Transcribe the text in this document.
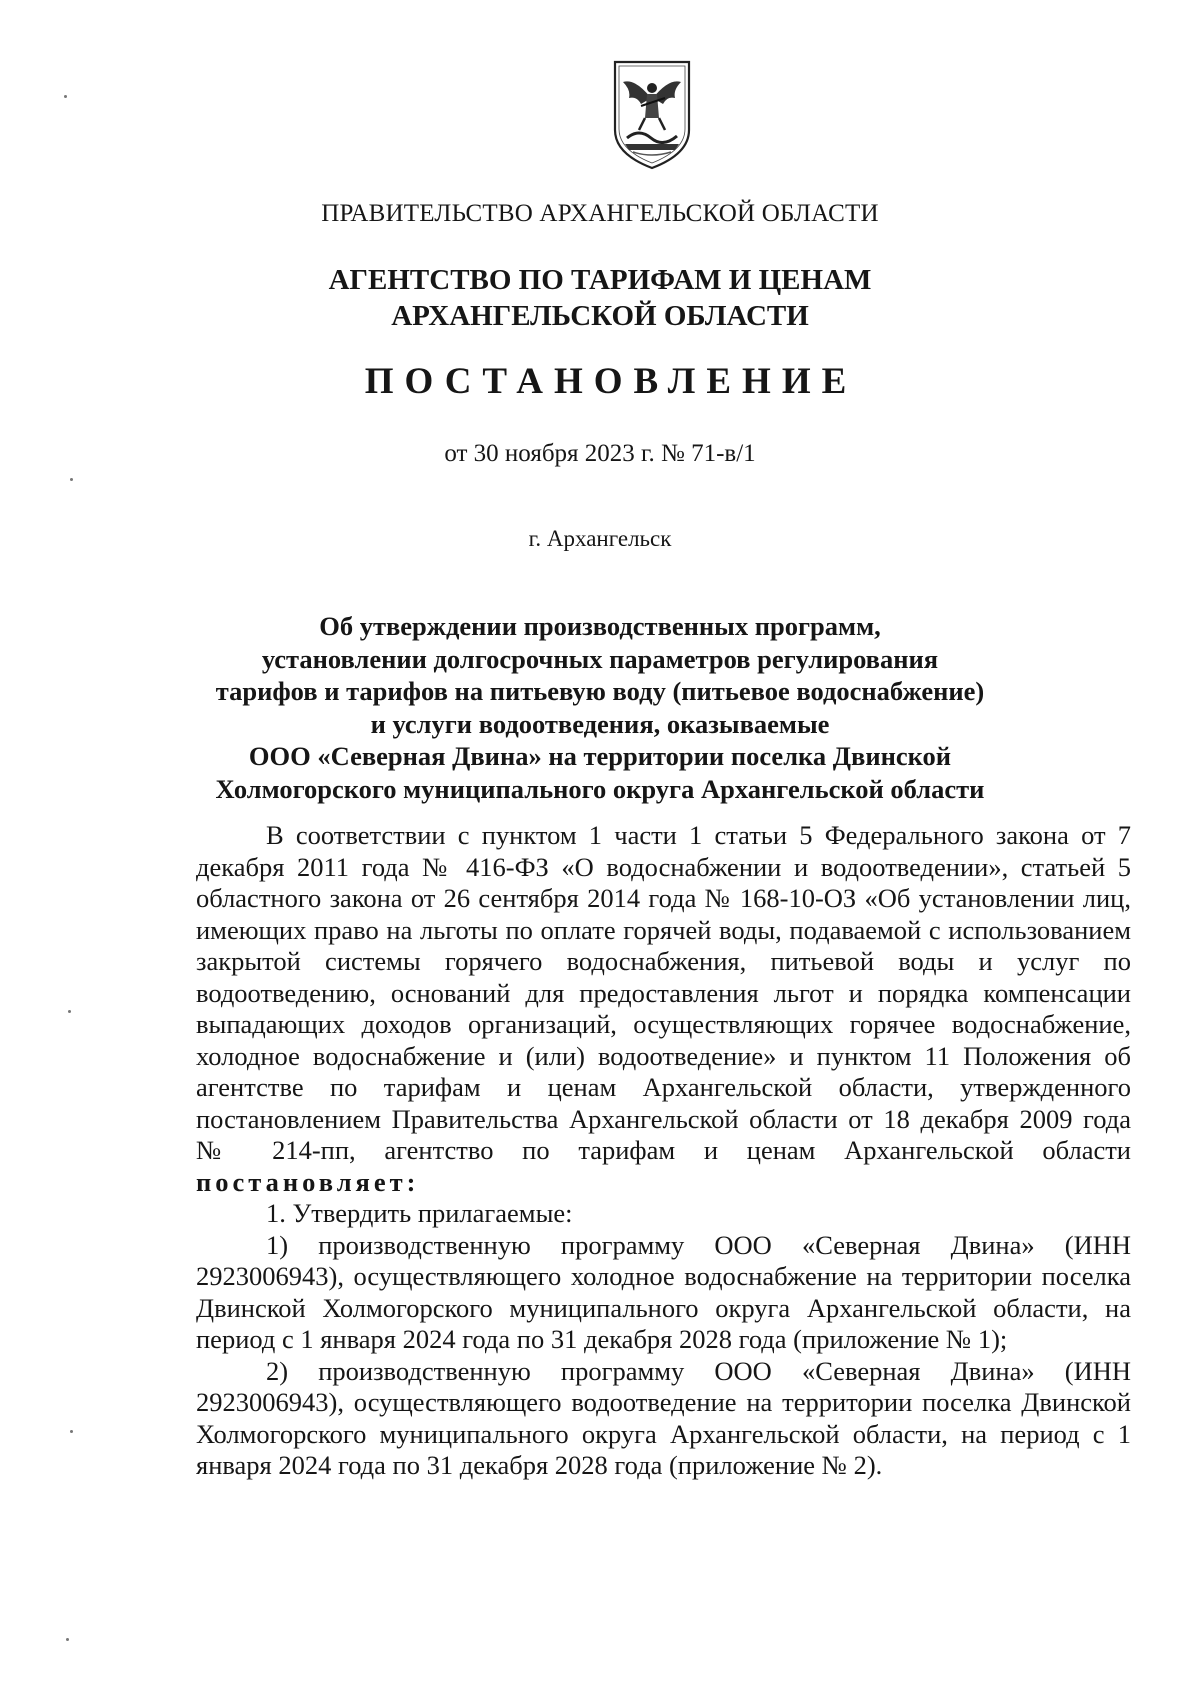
ПРАВИТЕЛЬСТВО АРХАНГЕЛЬСКОЙ ОБЛАСТИ
АГЕНТСТВО ПО ТАРИФАМ И ЦЕНАМ
АРХАНГЕЛЬСКОЙ ОБЛАСТИ
ПОСТАНОВЛЕНИЕ
от 30 ноября 2023 г. № 71-в/1
г. Архангельск
Об утверждении производственных программ,
установлении долгосрочных параметров регулирования
тарифов и тарифов на питьевую воду (питьевое водоснабжение)
и услуги водоотведения, оказываемые
ООО «Северная Двина» на территории поселка Двинской
Холмогорского муниципального округа Архангельской области

В соответствии с пунктом 1 части 1 статьи 5 Федерального закона от 7 декабря 2011 года № 416-ФЗ «О водоснабжении и водоотведении», статьей 5 областного закона от 26 сентября 2014 года № 168-10-ОЗ «Об установлении лиц, имеющих право на льготы по оплате горячей воды, подаваемой с использованием закрытой системы горячего водоснабжения, питьевой воды и услуг по водоотведению, оснований для предоставления льгот и порядка компенсации выпадающих доходов организаций, осуществляющих горячее водоснабжение, холодное водоснабжение и (или) водоотведение» и пунктом 11 Положения об агентстве по тарифам и ценам Архангельской области, утвержденного постановлением Правительства Архангельской области от 18 декабря 2009 года № 214-пп, агентство по тарифам и ценам Архангельской области постановляет:

1. Утвердить прилагаемые:

1) производственную программу ООО «Северная Двина» (ИНН 2923006943), осуществляющего холодное водоснабжение на территории поселка Двинской Холмогорского муниципального округа Архангельской области, на период с 1 января 2024 года по 31 декабря 2028 года (приложение № 1);

2) производственную программу ООО «Северная Двина» (ИНН 2923006943), осуществляющего водоотведение на территории поселка Двинской Холмогорского муниципального округа Архангельской области, на период с 1 января 2024 года по 31 декабря 2028 года (приложение № 2).
